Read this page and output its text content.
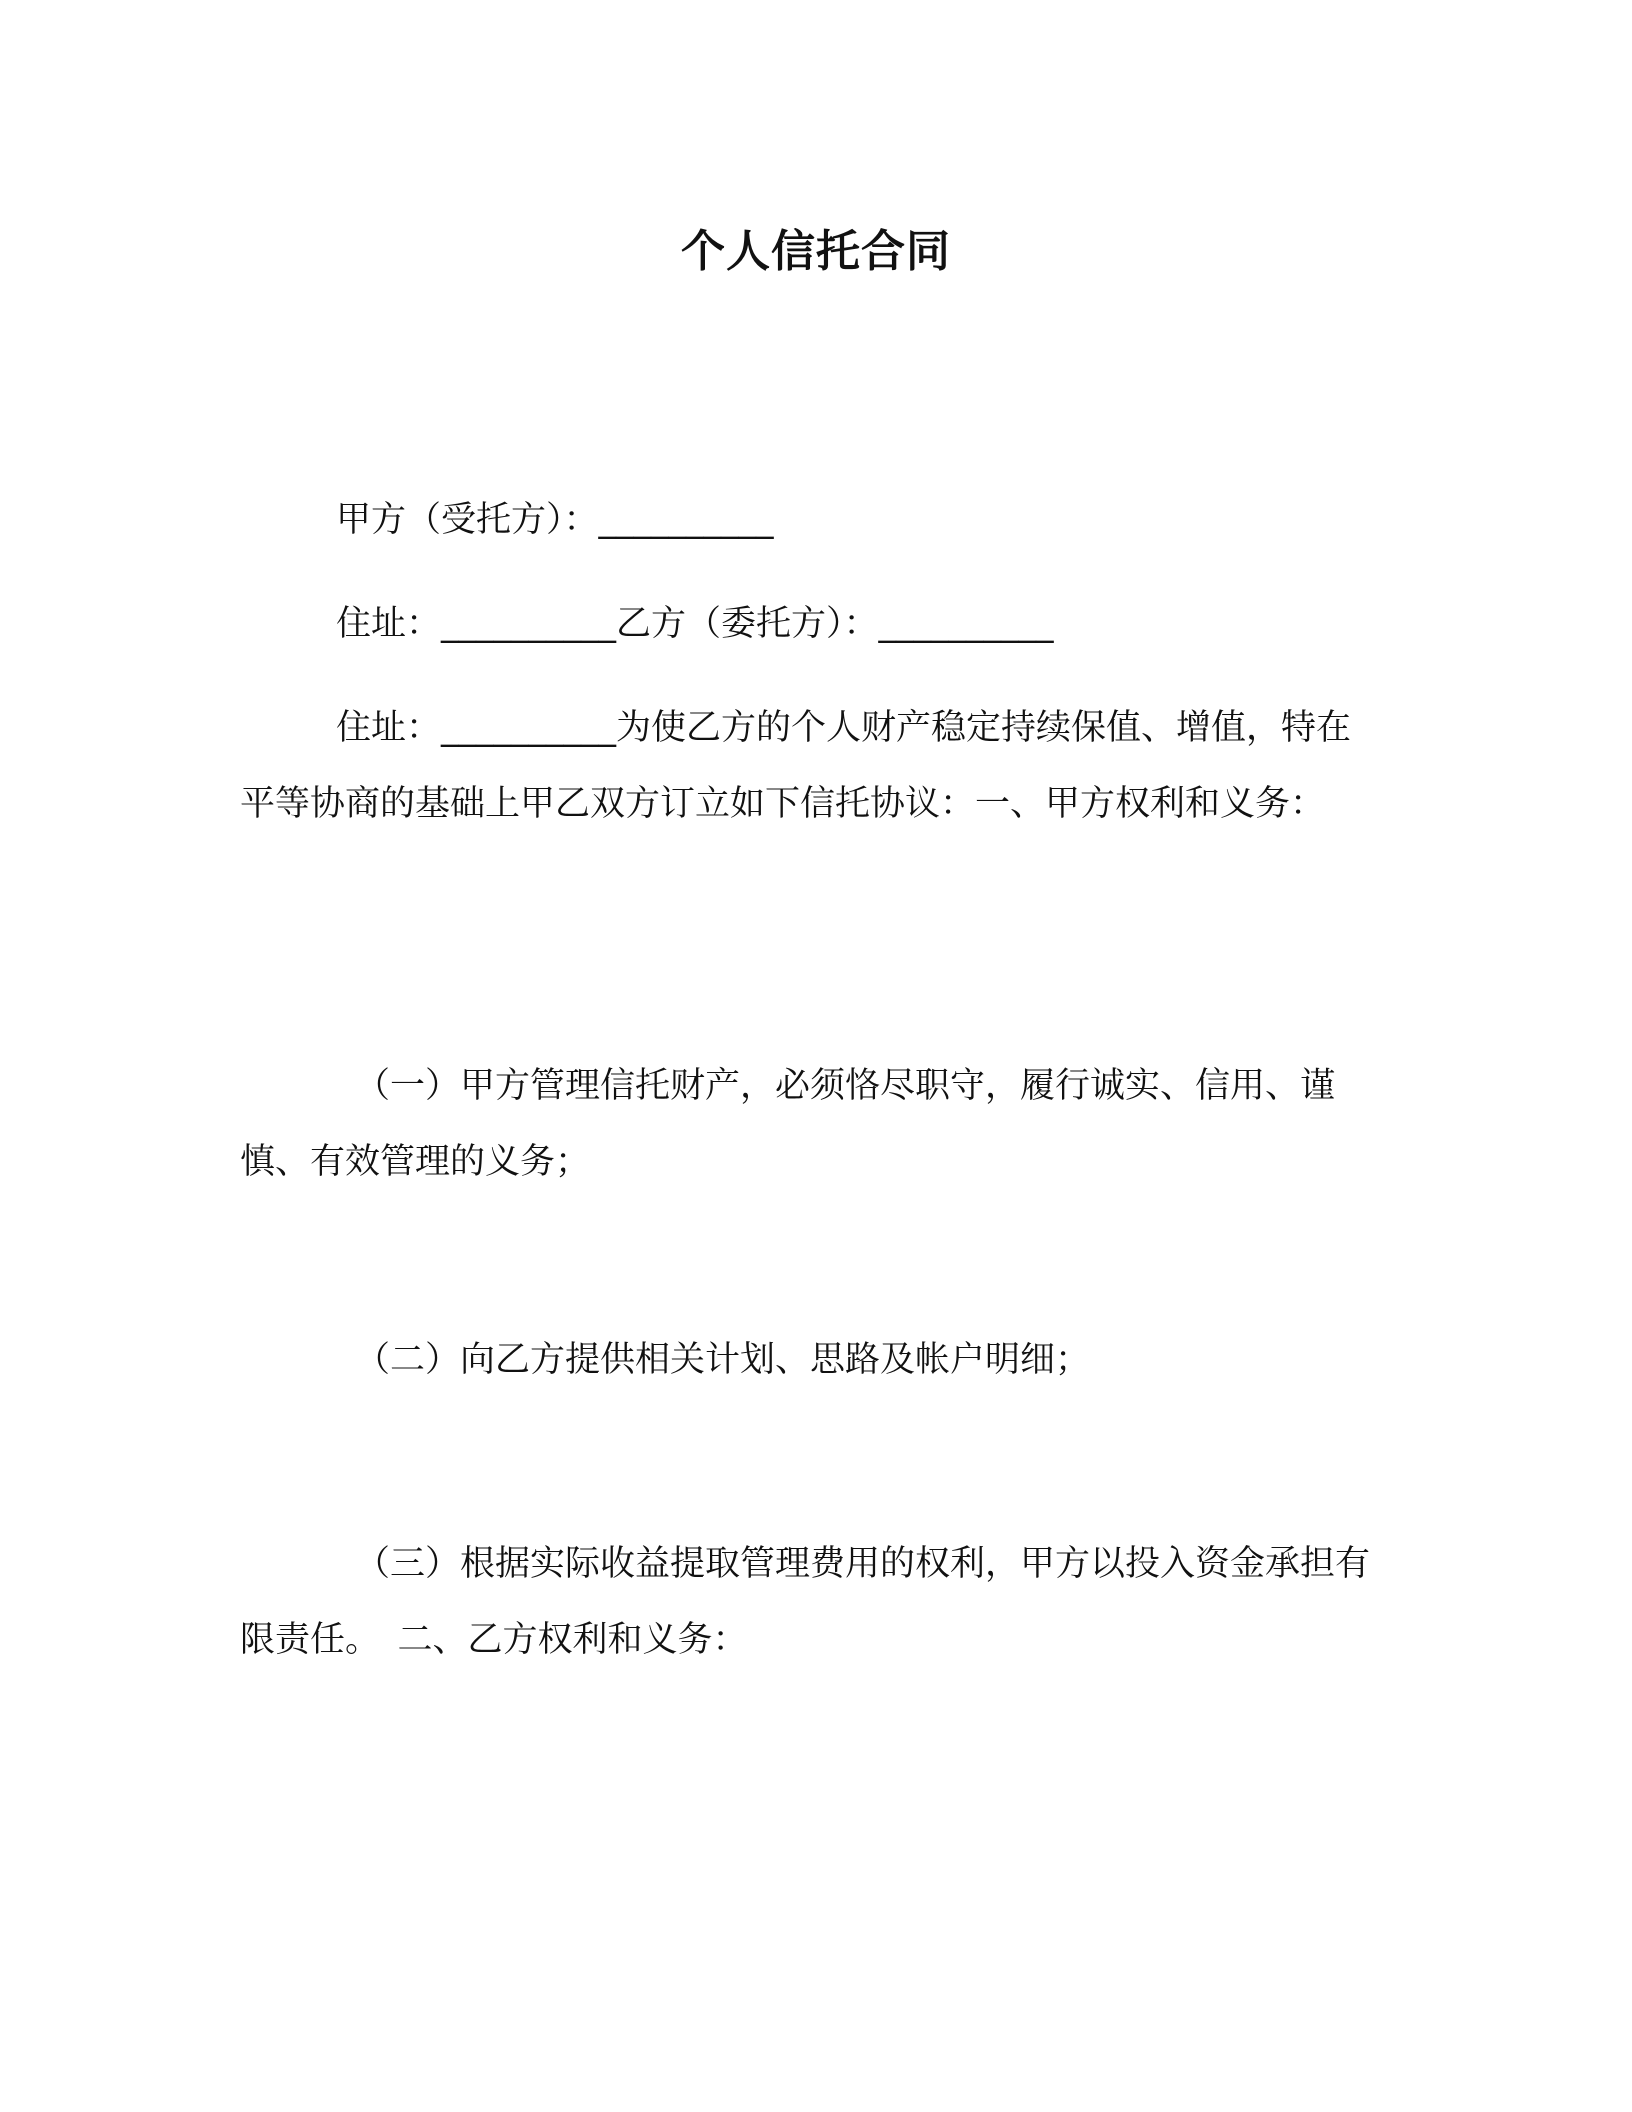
个人信托合同
甲方（受托方）：__________
住址：__________乙方（委托方）：__________
住址：__________为使乙方的个人财产稳定持续保值、增值，特在平等协商的基础上甲乙双方订立如下信托协议：一、甲方权利和义务：
（一）甲方管理信托财产，必须恪尽职守，履行诚实、信用、谨慎、有效管理的义务；
（二）向乙方提供相关计划、思路及帐户明细；
（三）根据实际收益提取管理费用的权利，甲方以投入资金承担有限责任。　二、乙方权利和义务：
